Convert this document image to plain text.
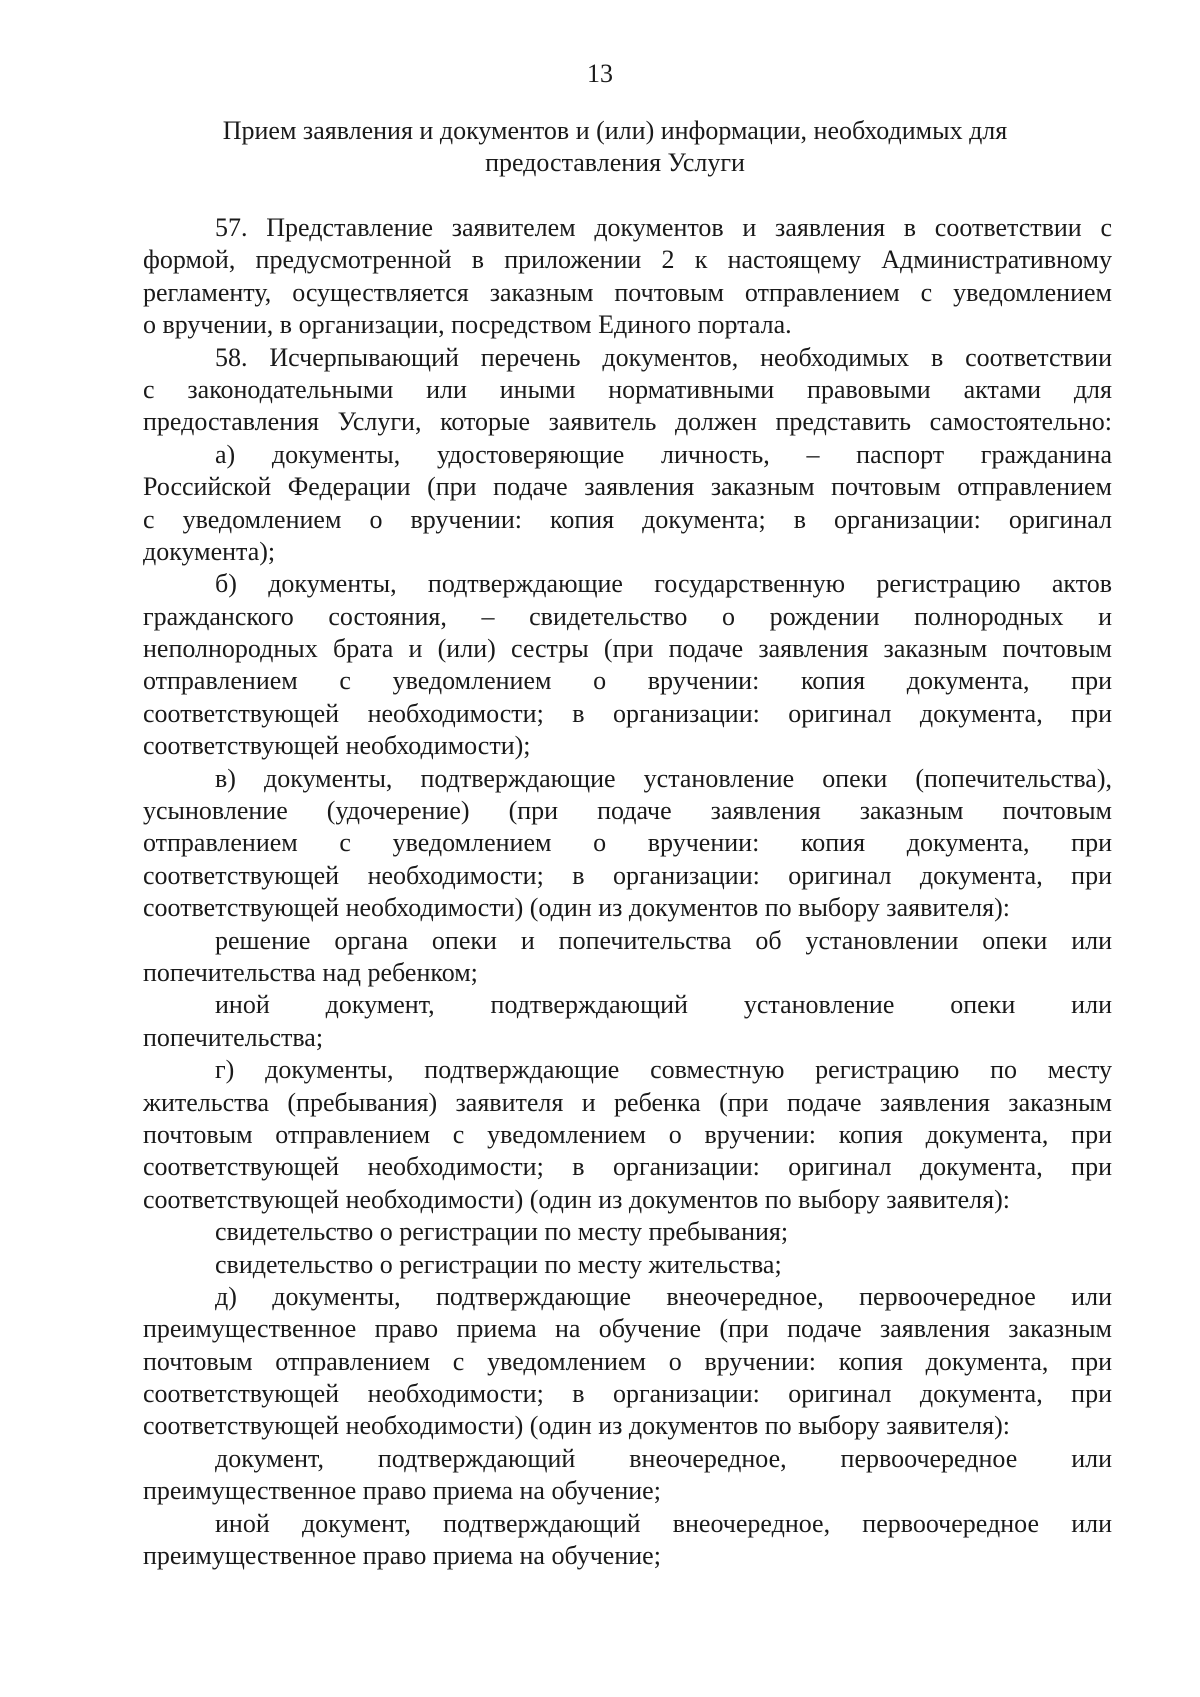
13
Прием заявления и документов и (или) информации, необходимых для
предоставления Услуги
57. Представление заявителем документов и заявления в соответствии с
формой, предусмотренной в приложении 2 к настоящему Административному
регламенту, осуществляется заказным почтовым отправлением с уведомлением
о вручении, в организации, посредством Единого портала.
58. Исчерпывающий перечень документов, необходимых в соответствии
с законодательными или иными нормативными правовыми актами для
предоставления Услуги, которые заявитель должен представить самостоятельно:
а) документы, удостоверяющие личность, – паспорт гражданина
Российской Федерации (при подаче заявления заказным почтовым отправлением
с уведомлением о вручении: копия документа; в организации: оригинал
документа);
б) документы, подтверждающие государственную регистрацию актов
гражданского состояния, – свидетельство о рождении полнородных и
неполнородных брата и (или) сестры (при подаче заявления заказным почтовым
отправлением с уведомлением о вручении: копия документа, при
соответствующей необходимости; в организации: оригинал документа, при
соответствующей необходимости);
в) документы, подтверждающие установление опеки (попечительства),
усыновление (удочерение) (при подаче заявления заказным почтовым
отправлением с уведомлением о вручении: копия документа, при
соответствующей необходимости; в организации: оригинал документа, при
соответствующей необходимости) (один из документов по выбору заявителя):
решение органа опеки и попечительства об установлении опеки или
попечительства над ребенком;
иной документ, подтверждающий установление опеки или
попечительства;
г) документы, подтверждающие совместную регистрацию по месту
жительства (пребывания) заявителя и ребенка (при подаче заявления заказным
почтовым отправлением с уведомлением о вручении: копия документа, при
соответствующей необходимости; в организации: оригинал документа, при
соответствующей необходимости) (один из документов по выбору заявителя):
свидетельство о регистрации по месту пребывания;
свидетельство о регистрации по месту жительства;
д) документы, подтверждающие внеочередное, первоочередное или
преимущественное право приема на обучение (при подаче заявления заказным
почтовым отправлением с уведомлением о вручении: копия документа, при
соответствующей необходимости; в организации: оригинал документа, при
соответствующей необходимости) (один из документов по выбору заявителя):
документ, подтверждающий внеочередное, первоочередное или
преимущественное право приема на обучение;
иной документ, подтверждающий внеочередное, первоочередное или
преимущественное право приема на обучение;
